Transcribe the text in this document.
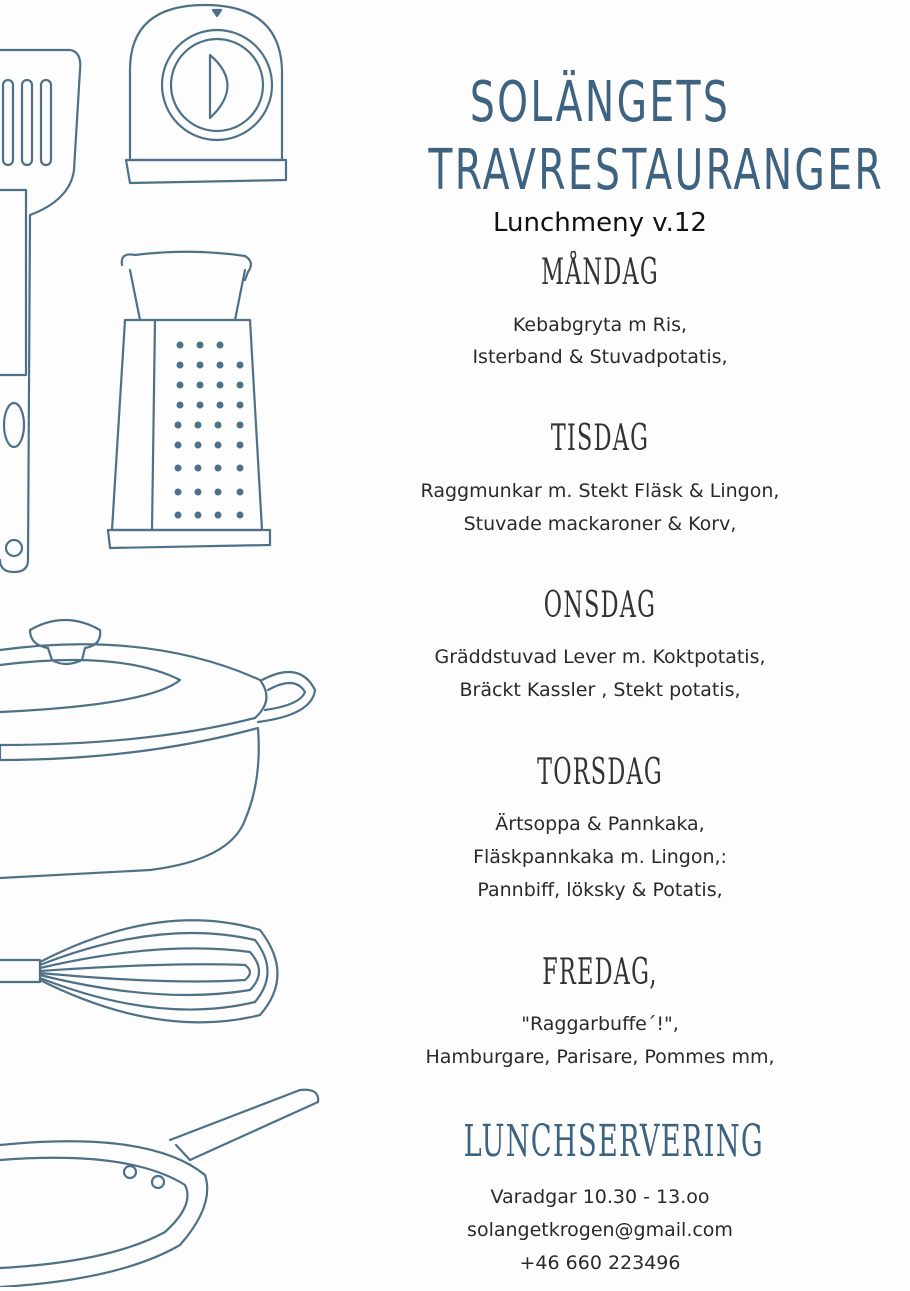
SOLÄNGETS
TRAVRESTAURANGER
Lunchmeny v.12
MÅNDAG
Kebabgryta m Ris,
Isterband & Stuvadpotatis,
TISDAG
Raggmunkar m. Stekt Fläsk & Lingon,
Stuvade mackaroner & Korv,
ONSDAG
Gräddstuvad Lever m. Koktpotatis,
Bräckt Kassler , Stekt potatis,
TORSDAG
Ärtsoppa & Pannkaka,
Fläskpannkaka m. Lingon,:
Pannbiff, löksky & Potatis,
FREDAG,
"Raggarbuffe´!",
Hamburgare, Parisare, Pommes mm,
LUNCHSERVERING
Varadgar 10.30 - 13.oo
solangetkrogen@gmail.com
+46 660 223496
